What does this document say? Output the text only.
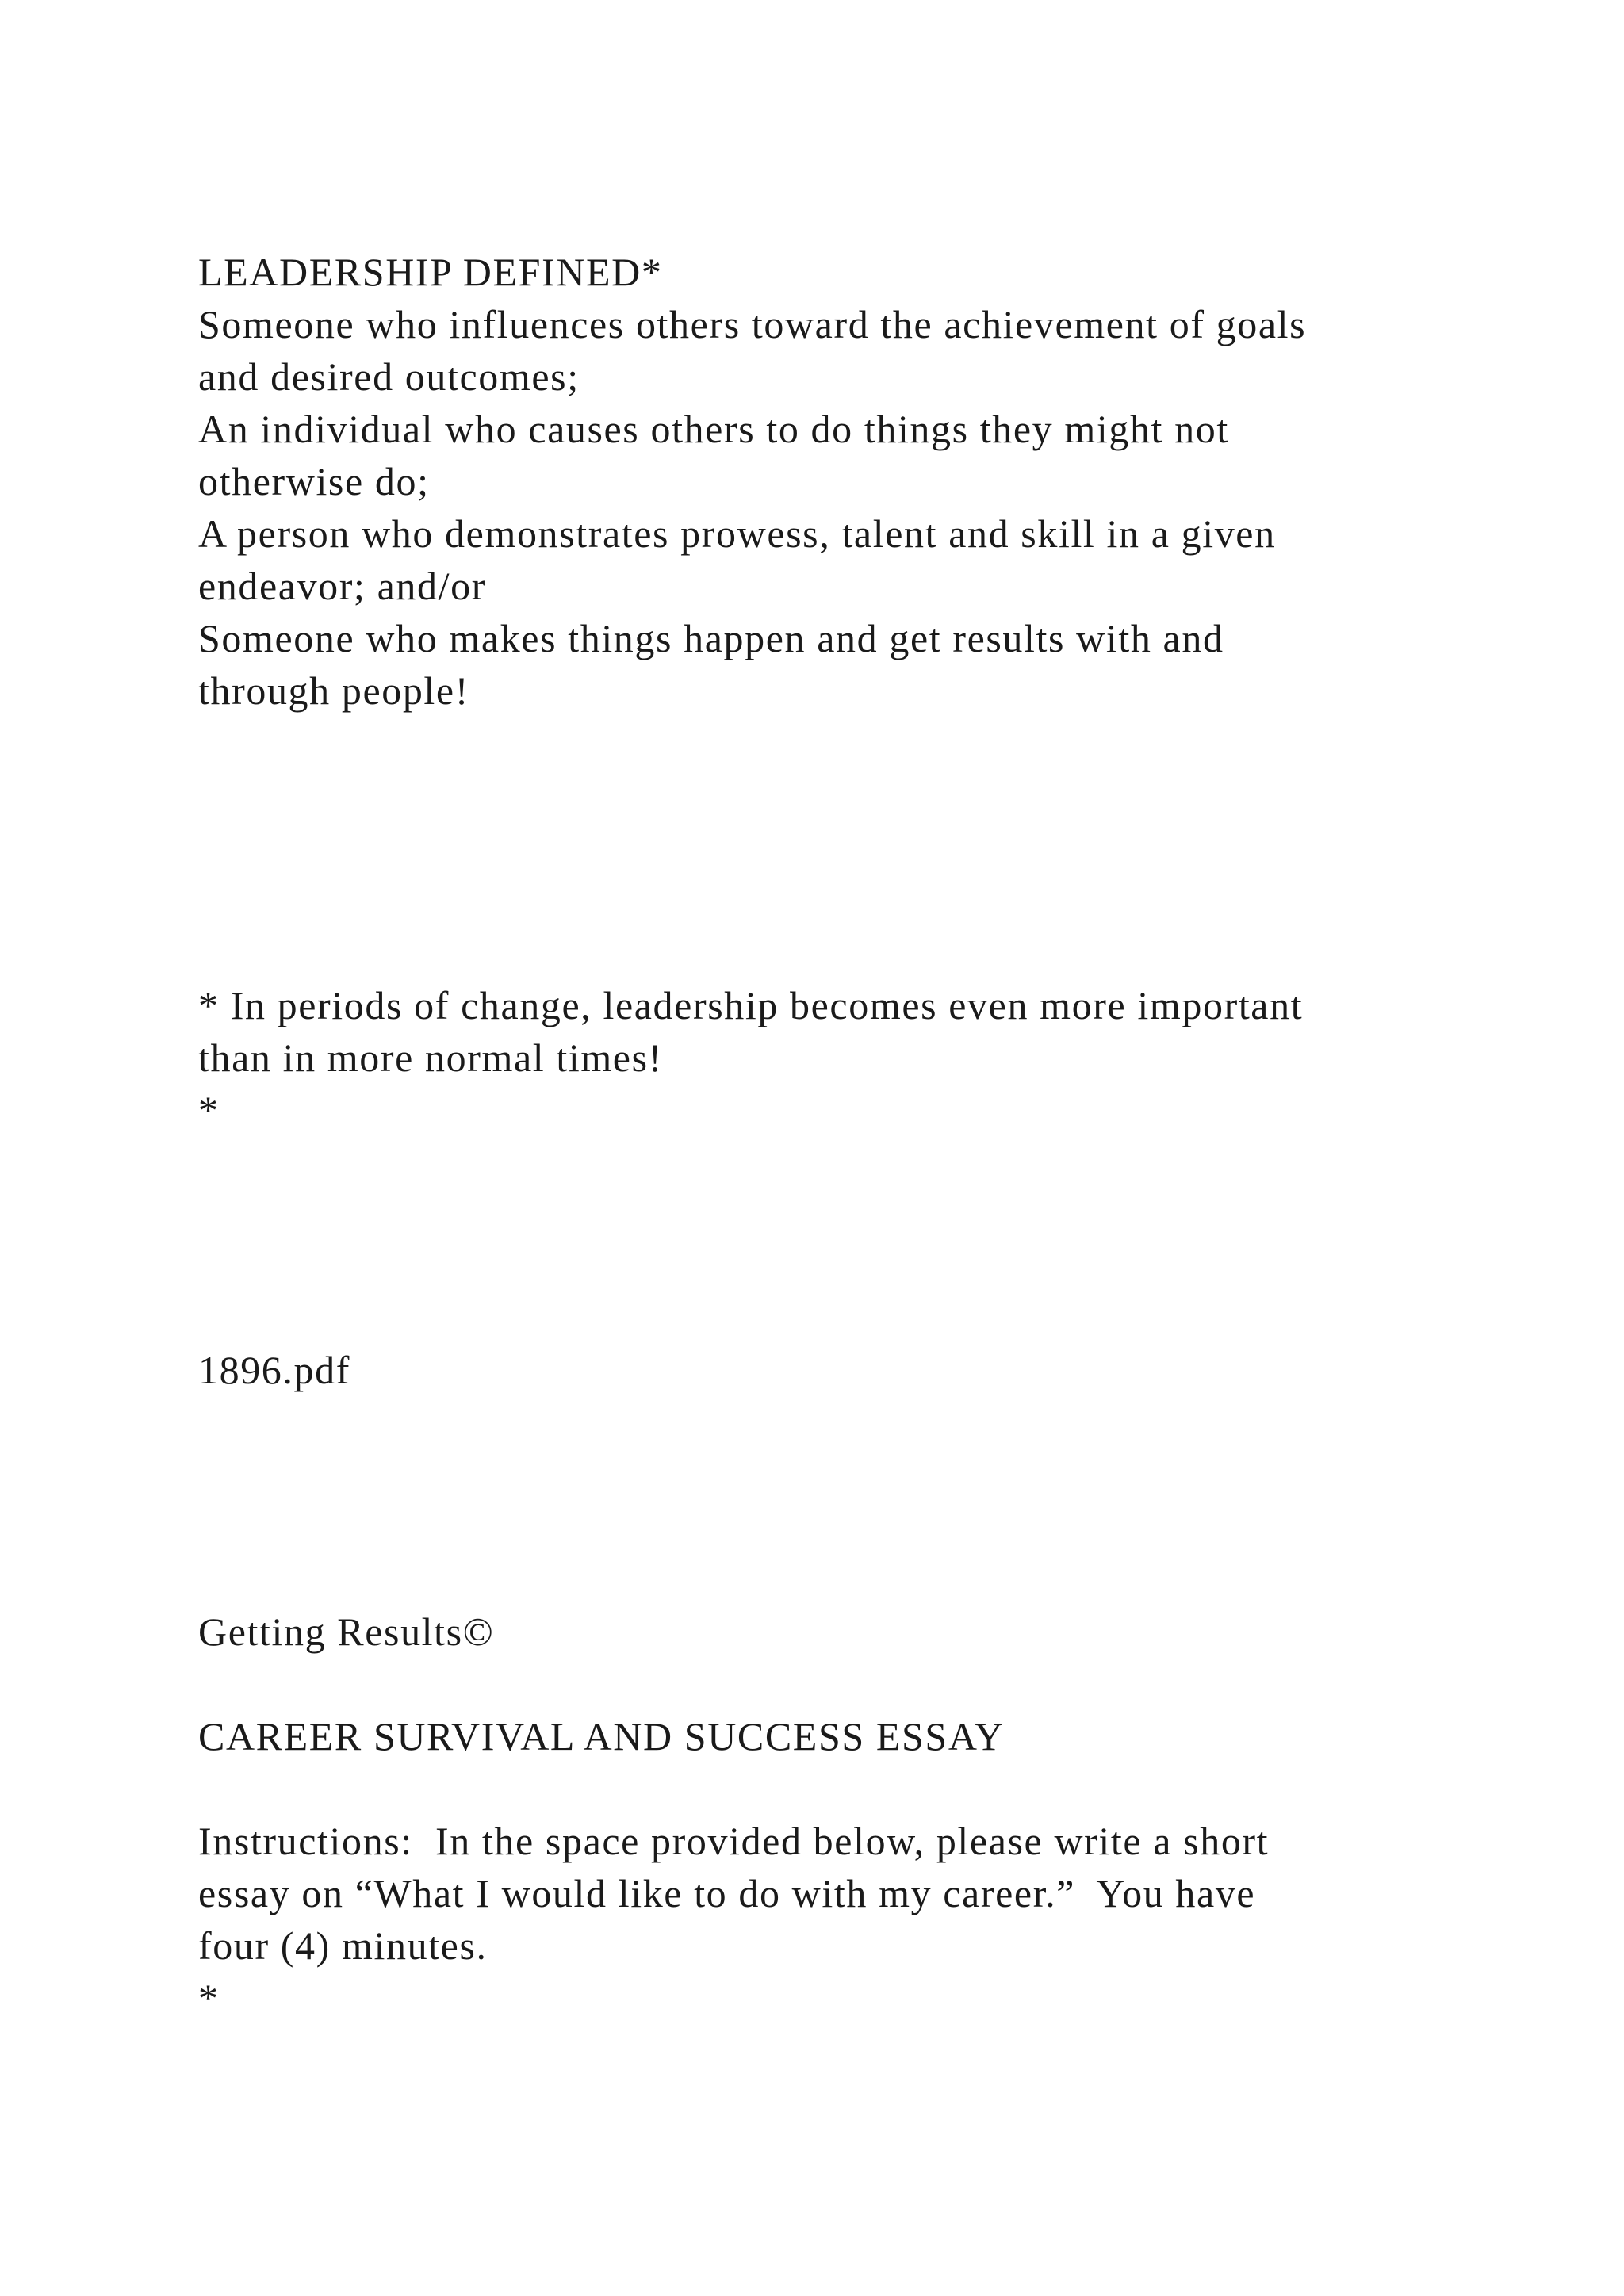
LEADERSHIP DEFINED*

Someone who influences others toward the achievement of goals

and desired outcomes;

An individual who causes others to do things they might not

otherwise do;

A person who demonstrates prowess, talent and skill in a given

endeavor; and/or

Someone who makes things happen and get results with and

through people!

* In periods of change, leadership becomes even more important

than in more normal times!

*

1896.pdf

Getting Results©

CAREER SURVIVAL AND SUCCESS ESSAY

Instructions:  In the space provided below, please write a short

essay on “What I would like to do with my career.”  You have

four (4) minutes.

*
